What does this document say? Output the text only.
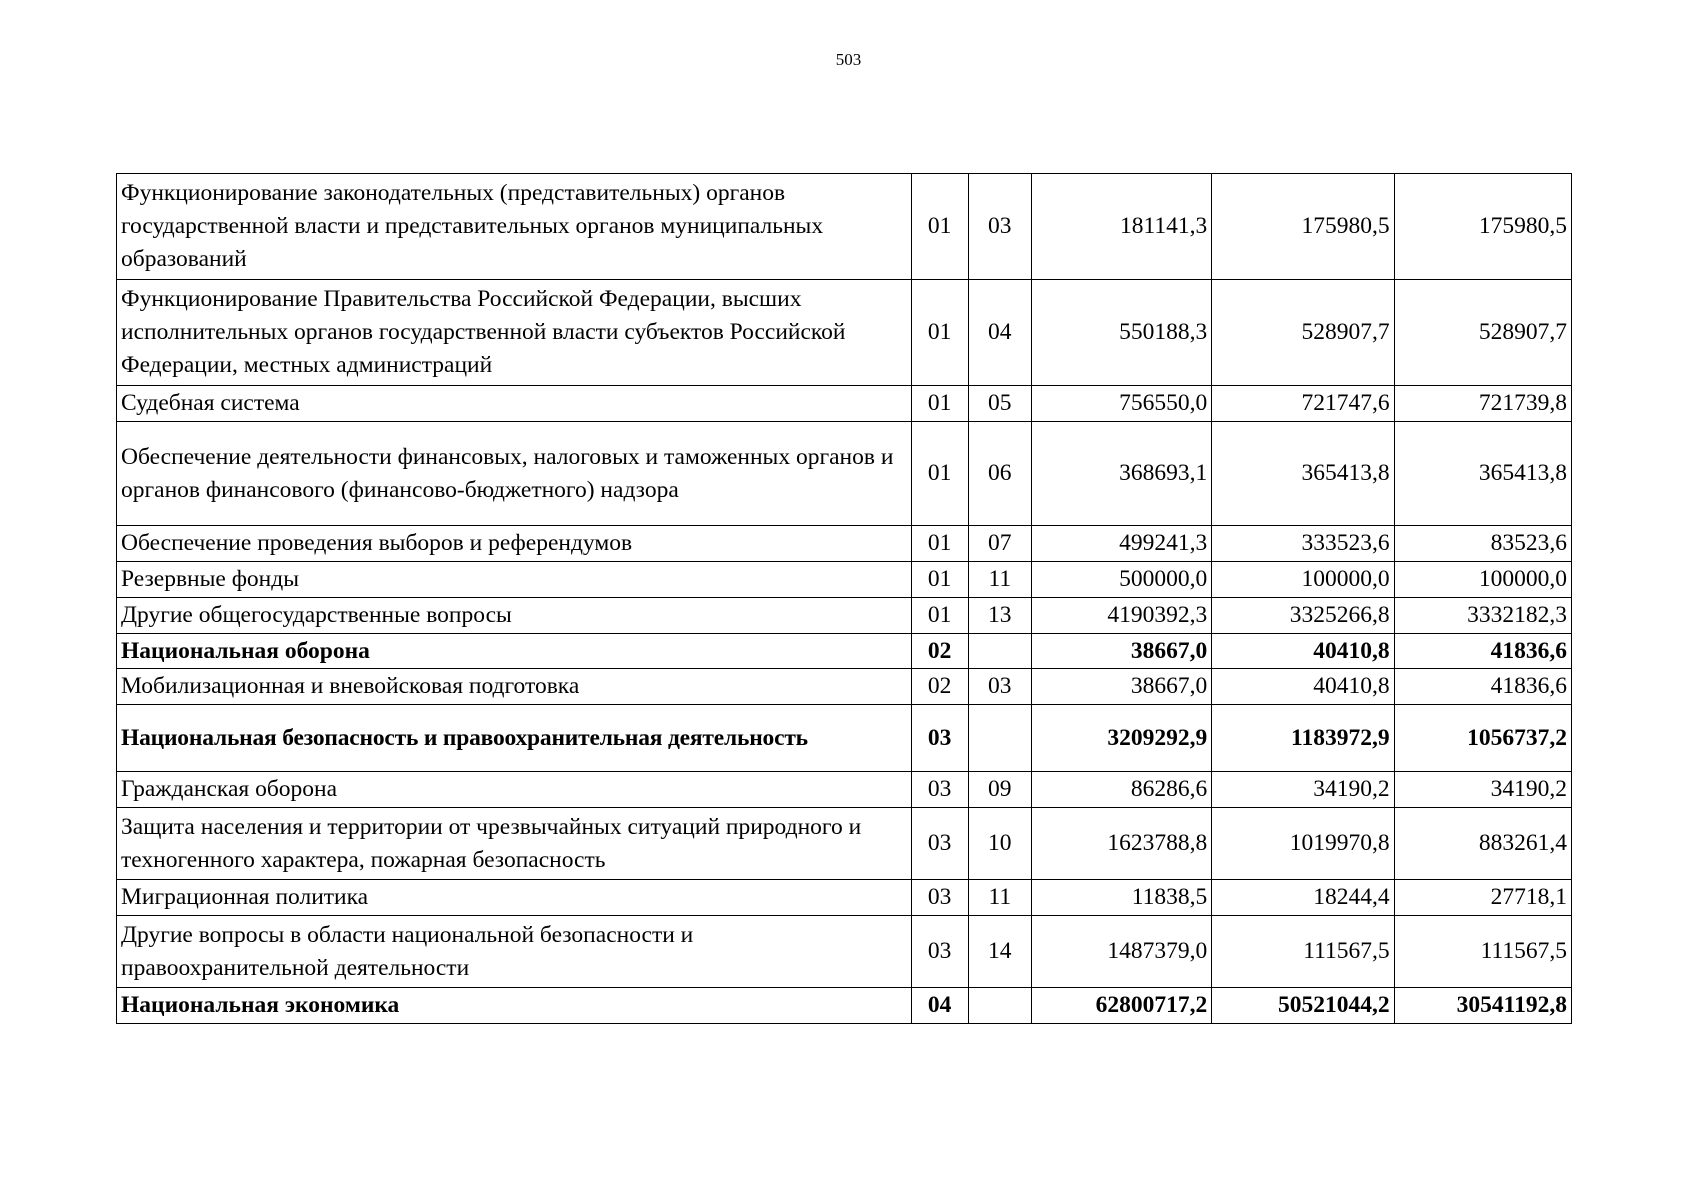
503
Функционирование законодательных (представительных) органов государственной власти и представительных органов муниципальных образований	01	03	181141,3	175980,5	175980,5
Функционирование Правительства Российской Федерации, высших исполнительных органов государственной власти субъектов Российской Федерации, местных администраций	01	04	550188,3	528907,7	528907,7
Судебная система	01	05	756550,0	721747,6	721739,8
Обеспечение деятельности финансовых, налоговых и таможенных органов и органов финансового (финансово-бюджетного) надзора	01	06	368693,1	365413,8	365413,8
Обеспечение проведения выборов и референдумов	01	07	499241,3	333523,6	83523,6
Резервные фонды	01	11	500000,0	100000,0	100000,0
Другие общегосударственные вопросы	01	13	4190392,3	3325266,8	3332182,3
Национальная оборона	02		38667,0	40410,8	41836,6
Мобилизационная и вневойсковая подготовка	02	03	38667,0	40410,8	41836,6
Национальная безопасность и правоохранительная деятельность	03		3209292,9	1183972,9	1056737,2
Гражданская оборона	03	09	86286,6	34190,2	34190,2
Защита населения и территории от чрезвычайных ситуаций природного и техногенного характера, пожарная безопасность	03	10	1623788,8	1019970,8	883261,4
Миграционная политика	03	11	11838,5	18244,4	27718,1
Другие вопросы в области национальной безопасности и правоохранительной деятельности	03	14	1487379,0	111567,5	111567,5
Национальная экономика	04		62800717,2	50521044,2	30541192,8
